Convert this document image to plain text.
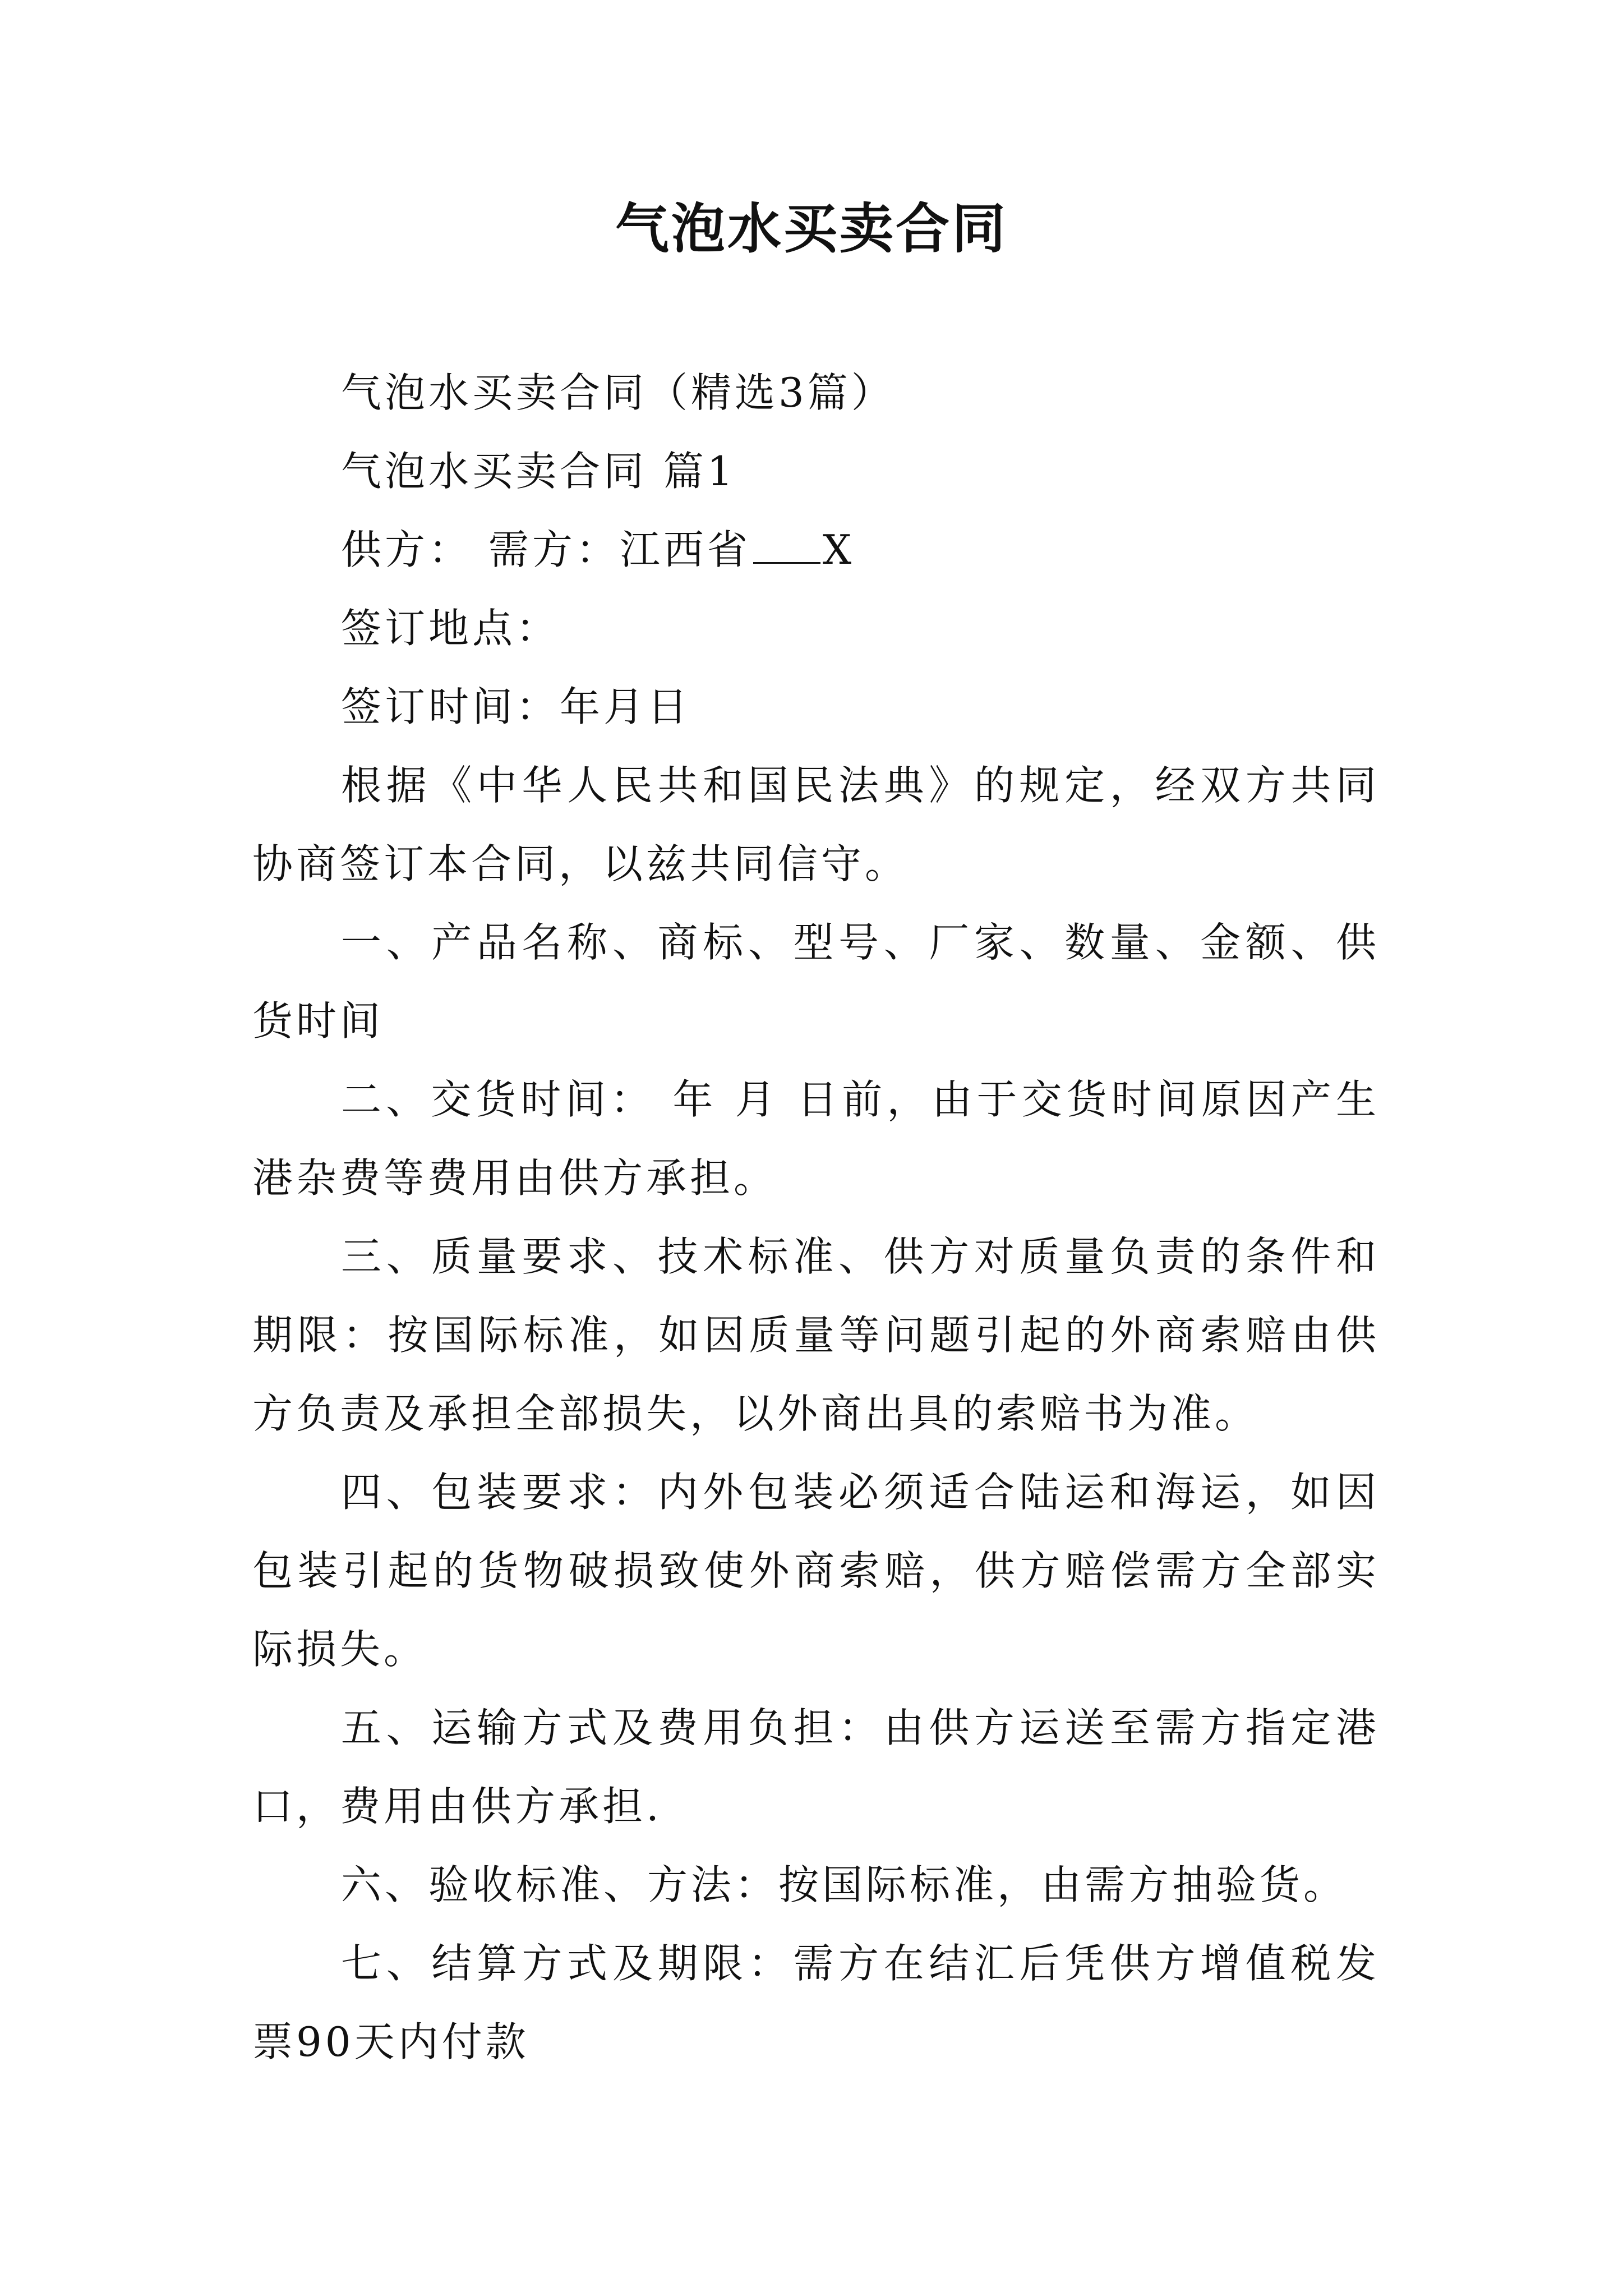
气泡水买卖合同

气泡水买卖合同（精选3篇）

气泡水买卖合同 篇1

供方： 需方：江西省 X

签订地点：

签订时间：年月日

根据《中华人民共和国民法典》的规定，经双方共同协商签订本合同，以兹共同信守。

一、产品名称、商标、型号、厂家、数量、金额、供货时间

二、交货时间： 年 月 日前，由于交货时间原因产生港杂费等费用由供方承担。

三、质量要求、技术标准、供方对质量负责的条件和期限：按国际标准，如因质量等问题引起的外商索赔由供方负责及承担全部损失，以外商出具的索赔书为准。

四、包装要求：内外包装必须适合陆运和海运，如因包装引起的货物破损致使外商索赔，供方赔偿需方全部实际损失。

五、运输方式及费用负担：由供方运送至需方指定港口，费用由供方承担.

六、验收标准、方法：按国际标准，由需方抽验货。

七、结算方式及期限：需方在结汇后凭供方增值税发票90天内付款
